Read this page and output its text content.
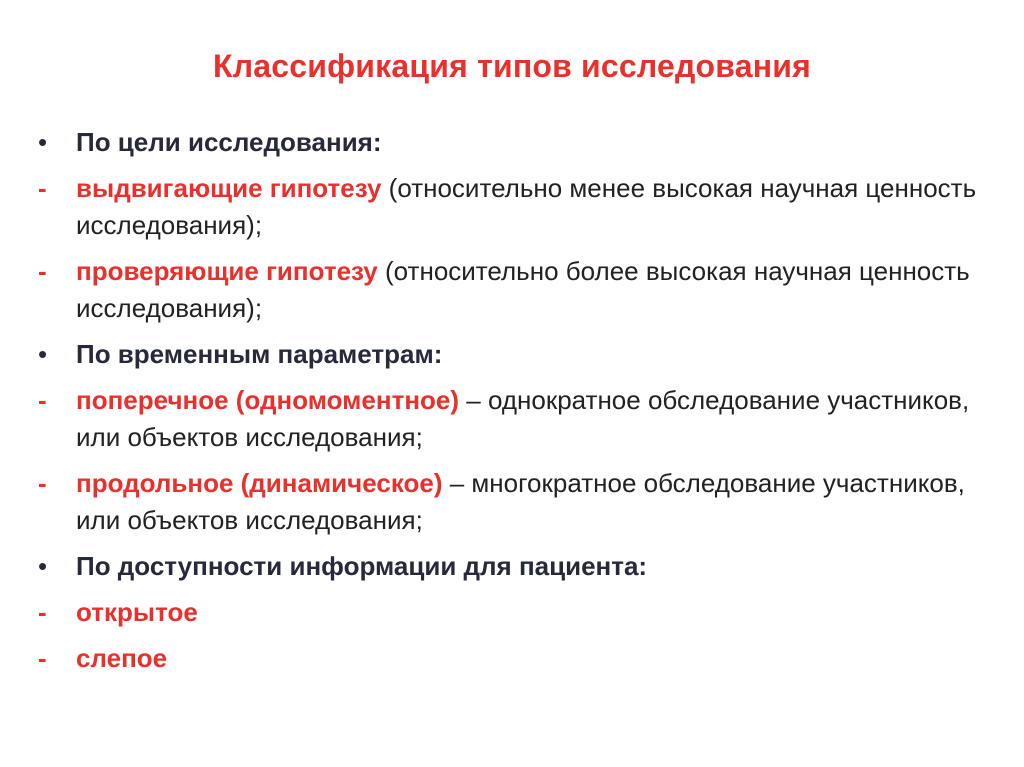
Классификация типов исследования
•	По цели исследования:
-	выдвигающие гипотезу (относительно менее высокая научная ценность исследования);
-	проверяющие гипотезу (относительно более высокая научная ценность исследования);
•	По временным параметрам:
-	поперечное (одномоментное) – однократное обследование участников, или объектов исследования;
-	продольное (динамическое) – многократное обследование участников, или объектов исследования;
•	По доступности информации для пациента:
-	открытое
-	слепое
